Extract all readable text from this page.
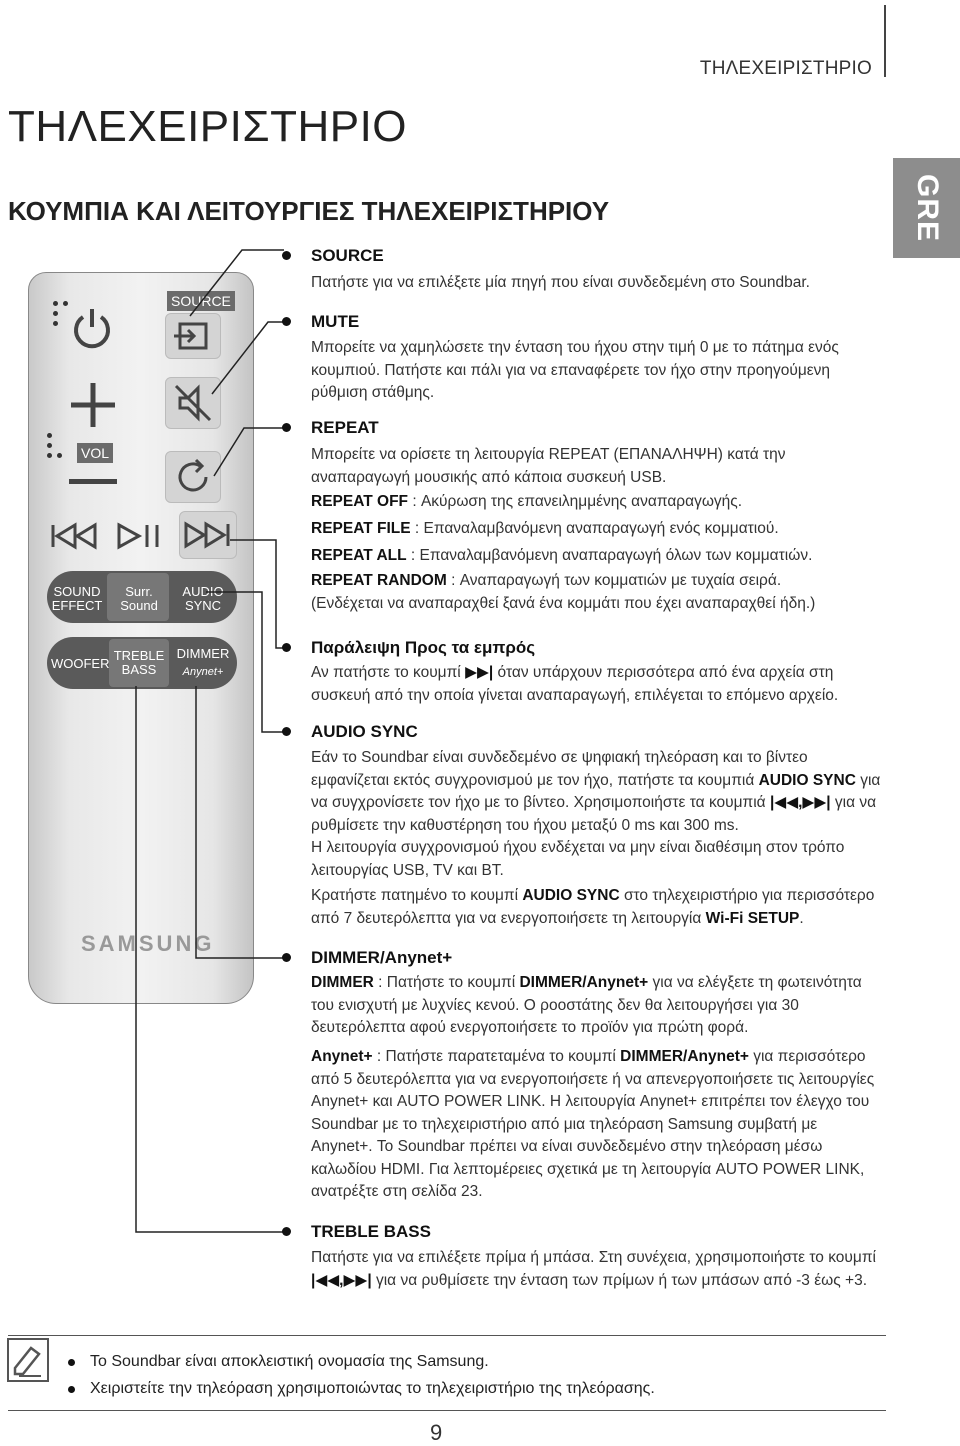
ΤΗΛΕΧΕΙΡΙΣΤΗΡΙΟ
GRE
ΤΗΛΕΧΕΙΡΙΣΤΗΡΙΟ
ΚΟΥΜΠΙΑ ΚΑΙ ΛΕΙΤΟΥΡΓΙΕΣ ΤΗΛΕΧΕΙΡΙΣΤΗΡΙΟΥ
SOURCE
VOL
SOUND
EFFECT
Surr.
Sound
AUDIO
SYNC
WOOFER
TREBLE
BASS
DIMMER
Anynet+
SAMSUNG
SOURCE

Πατήστε για να επιλέξετε μία πηγή που είναι συνδεδεμένη στο Soundbar.

MUTE

Μπορείτε να χαμηλώσετε την ένταση του ήχου στην τιμή 0 με το πάτημα ενός κουμπιού. Πατήστε και πάλι για να επαναφέρετε τον ήχο στην προηγούμενη ρύθμιση στάθμης.

REPEAT

Μπορείτε να ορίσετε τη λειτουργία REPEAT (ΕΠΑΝΑΛΗΨΗ) κατά την αναπαραγωγή μουσικής από κάποια συσκευή USB.

REPEAT OFF : Ακύρωση της επανειλημμένης αναπαραγωγής.

REPEAT FILE : Επαναλαμβανόμενη αναπαραγωγή ενός κομματιού.

REPEAT ALL : Επαναλαμβανόμενη αναπαραγωγή όλων των κομματιών.

REPEAT RANDOM : Αναπαραγωγή των κομματιών με τυχαία σειρά.
(Ενδέχεται να αναπαραχθεί ξανά ένα κομμάτι που έχει αναπαραχθεί ήδη.)

Παράλειψη Προς τα εμπρός

Αν πατήστε το κουμπί ▶▶| όταν υπάρχουν περισσότερα από ένα αρχεία στη συσκευή από την οποία γίνεται αναπαραγωγή, επιλέγεται το επόμενο αρχείο.

AUDIO SYNC

Εάν το Soundbar είναι συνδεδεμένο σε ψηφιακή τηλεόραση και το βίντεο εμφανίζεται εκτός συγχρονισμού με τον ήχο, πατήστε τα κουμπιά AUDIO SYNC για να συγχρονίσετε τον ήχο με το βίντεο. Χρησιμοποιήστε τα κουμπιά |◀◀,▶▶| για να ρυθμίσετε την καθυστέρηση του ήχου μεταξύ 0 ms και 300 ms.

Η λειτουργία συγχρονισμού ήχου ενδέχεται να μην είναι διαθέσιμη στον τρόπο λειτουργίας USB, TV και BT.

Κρατήστε πατημένο το κουμπί AUDIO SYNC στο τηλεχειριστήριο για περισσότερο από 7 δευτερόλεπτα για να ενεργοποιήσετε τη λειτουργία Wi-Fi SETUP.

DIMMER/Anynet+

DIMMER : Πατήστε το κουμπί DIMMER/Anynet+ για να ελέγξετε τη φωτεινότητα του ενισχυτή με λυχνίες κενού. Ο ροοστάτης δεν θα λειτουργήσει για 30 δευτερόλεπτα αφού ενεργοποιήσετε το προϊόν για πρώτη φορά.

Anynet+ : Πατήστε παρατεταμένα το κουμπί DIMMER/Anynet+ για περισσότερο από 5 δευτερόλεπτα για να ενεργοποιήσετε ή να απενεργοποιήσετε τις λειτουργίες Anynet+ και AUTO POWER LINK. Η λειτουργία Anynet+ επιτρέπει τον έλεγχο του Soundbar με το τηλεχειριστήριο από μια τηλεόραση Samsung συμβατή με Anynet+. Το Soundbar πρέπει να είναι συνδεδεμένο στην τηλεόραση μέσω καλωδίου HDMI. Για λεπτομέρειες σχετικά με τη λειτουργία AUTO POWER LINK, ανατρέξτε στη σελίδα 23.

TREBLE BASS

Πατήστε για να επιλέξετε πρίμα ή μπάσα. Στη συνέχεια, χρησιμοποιήστε το κουμπί |◀◀,▶▶| για να ρυθμίσετε την ένταση των πρίμων ή των μπάσων από -3 έως +3.

Το Soundbar είναι αποκλειστική ονομασία της Samsung.
Χειριστείτε την τηλεόραση χρησιμοποιώντας το τηλεχειριστήριο της τηλεόρασης.
9
